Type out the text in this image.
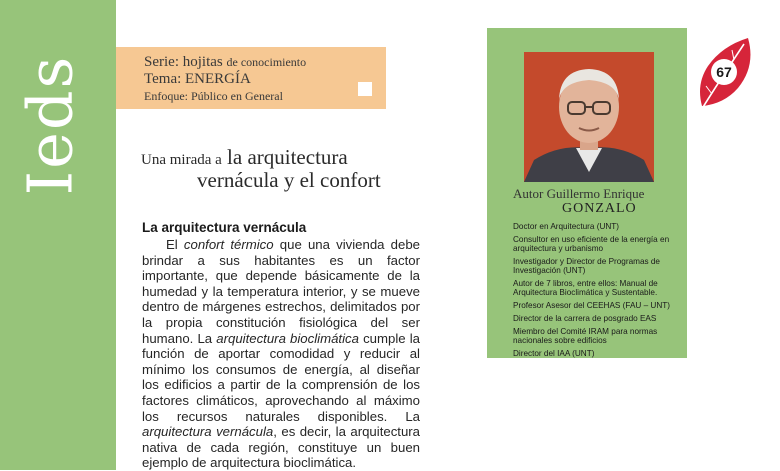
Ieds	Serie: hojitas de conocimiento
Tema: ENERGÍA
Enfoque: Público en General
Una mirada a la arquitectura
vernácula y el confort
La arquitectura vernácula

El confort térmico que una vivienda debe brindar a sus habitantes es un factor importante, que depende básicamente de la humedad y la temperatura interior, y se mueve dentro de márgenes estrechos, delimitados por la propia constitución fisiológica del ser humano. La arquitectura bioclimática cumple la función de aportar comodidad y reducir al mínimo los consumos de energía, al diseñar los edificios a partir de la comprensión de los factores climáticos, aprovechando al máximo los recursos naturales disponibles. La arquitectura vernácula, es decir, la arquitectura nativa de cada región, constituye un buen ejemplo de arquitectura bioclimática.

Autor Guillermo Enrique
GONZALO
Doctor en Arquitectura (UNT)
Consultor en uso eficiente de la energía en arquitectura y urbanismo
Investigador y Director de Programas de Investigación (UNT)
Autor de 7 libros, entre ellos: Manual de Arquitectura Bioclimática y Sustentable.
Profesor Asesor del CEEHAS (FAU – UNT)
Director de la carrera de posgrado EAS
Miembro del Comité IRAM para normas nacionales sobre edificios
Director del IAA (UNT)
67
